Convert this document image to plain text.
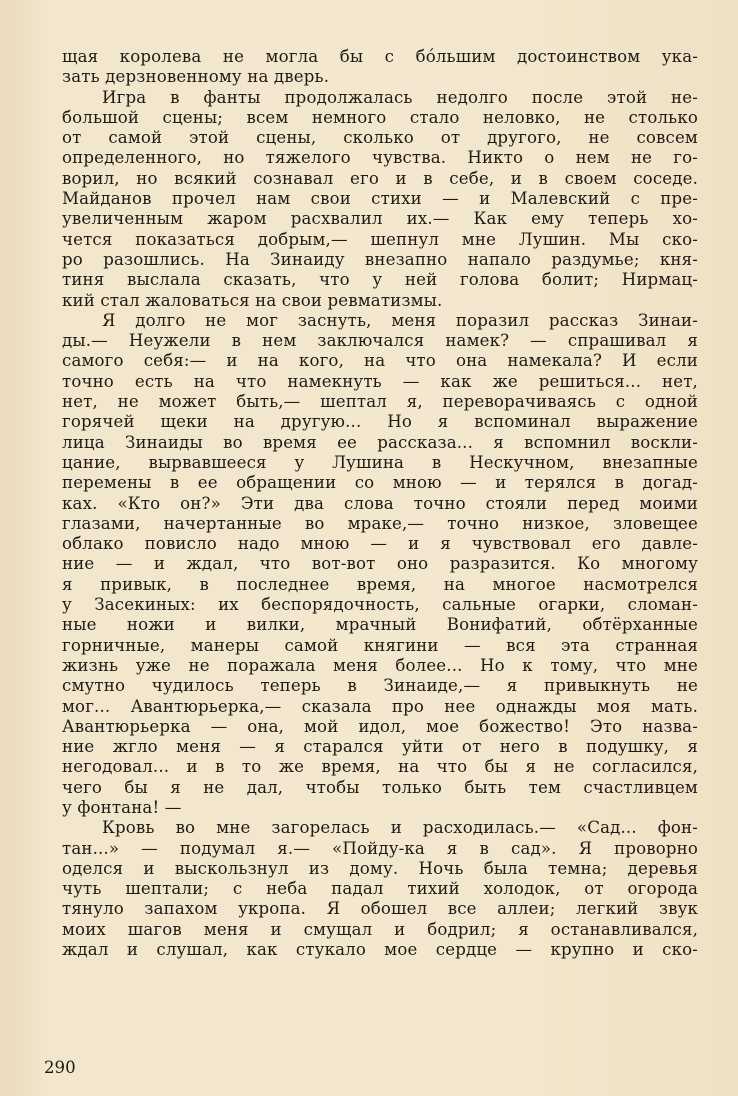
щая королева не могла бы с бóльшим достоинством ука-
зать дерзновенному на дверь.
Игра в фанты продолжалась недолго после этой не-
большой сцены; всем немного стало неловко, не столько
от самой этой сцены, сколько от другого, не совсем
определенного, но тяжелого чувства. Никто о нем не го-
ворил, но всякий сознавал его и в себе, и в своем соседе.
Майданов прочел нам свои стихи — и Малевский с пре-
увеличенным жаром расхвалил их.— Как ему теперь хо-
чется показаться добрым,— шепнул мне Лушин. Мы ско-
ро разошлись. На Зинаиду внезапно напало раздумье; кня-
тиня выслала сказать, что у ней голова болит; Нирмац-
кий стал жаловаться на свои ревматизмы.
Я долго не мог заснуть, меня поразил рассказ Зинаи-
ды.— Неужели в нем заключался намек? — спрашивал я
самого себя:— и на кого, на что она намекала? И если
точно есть на что намекнуть — как же решиться... нет,
нет, не может быть,— шептал я, переворачиваясь с одной
горячей щеки на другую... Но я вспоминал выражение
лица Зинаиды во время ее рассказа... я вспомнил воскли-
цание, вырвавшееся у Лушина в Нескучном, внезапные
перемены в ее обращении со мною — и терялся в догад-
ках. «Кто он?» Эти два слова точно стояли перед моими
глазами, начертанные во мраке,— точно низкое, зловещее
облако повисло надо мною — и я чувствовал его давле-
ние — и ждал, что вот-вот оно разразится. Ко многому
я привык, в последнее время, на многое насмотрелся
у Засекиных: их беспорядочность, сальные огарки, сломан-
ные ножи и вилки, мрачный Вонифатий, обтёрханные
горничные, манеры самой княгини — вся эта странная
жизнь уже не поражала меня более... Но к тому, что мне
смутно чудилось теперь в Зинаиде,— я привыкнуть не
мог... Авантюрьерка,— сказала про нее однажды моя мать.
Авантюрьерка — она, мой идол, мое божество! Это назва-
ние жгло меня — я старался уйти от него в подушку, я
негодовал... и в то же время, на что бы я не согласился,
чего бы я не дал, чтобы только быть тем счастливцем
у фонтана! —
Кровь во мне загорелась и расходилась.— «Сад... фон-
тан...» — подумал я.— «Пойду-ка я в сад». Я проворно
оделся и выскользнул из дому. Ночь была темна; деревья
чуть шептали; с неба падал тихий холодок, от огорода
тянуло запахом укропа. Я обошел все аллеи; легкий звук
моих шагов меня и смущал и бодрил; я останавливался,
ждал и слушал, как стукало мое сердце — крупно и ско-
290
